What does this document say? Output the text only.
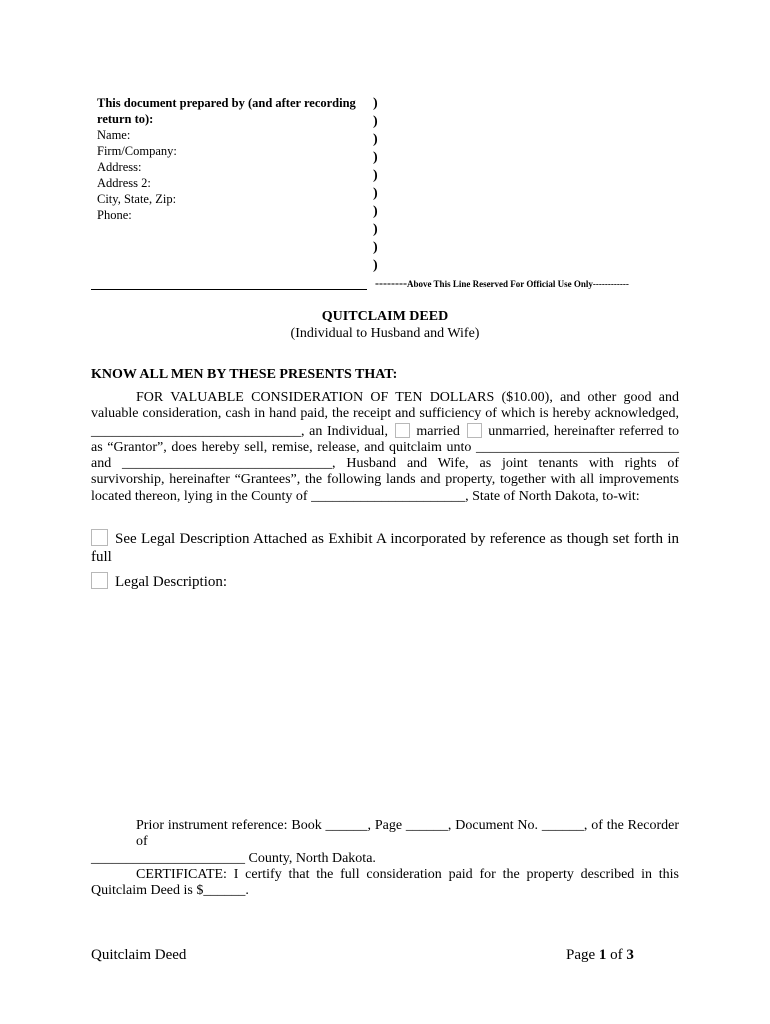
This document prepared by (and after recording
return to):
Name:
Firm/Company:
Address:
Address 2:
City, State, Zip:
Phone:
)
)
)
)
)
)
)
)
)
)
--------Above This Line Reserved For Official Use Only------------
QUITCLAIM DEED
(Individual to Husband and Wife)
KNOW ALL MEN BY THESE PRESENTS THAT:
FOR VALUABLE CONSIDERATION OF TEN DOLLARS ($10.00), and other good and valuable consideration, cash in hand paid, the receipt and sufficiency of which is hereby acknowledged, ______________________________, an Individual, married unmarried, hereinafter referred to as “Grantor”, does hereby sell, remise, release, and quitclaim unto _____________________________ and ______________________________, Husband and Wife, as joint tenants with rights of survivorship, hereinafter “Grantees”, the following lands and property, together with all improvements located thereon, lying in the County of ______________________, State of North Dakota, to-wit:
See Legal Description Attached as Exhibit A incorporated by reference as though set forth in full
Legal Description:
Prior instrument reference: Book ______, Page ______, Document No. ______, of the Recorder of
______________________ County, North Dakota.
CERTIFICATE: I certify that the full consideration paid for the property described in this Quitclaim Deed is $______.
Quitclaim Deed	Page 1 of 3
